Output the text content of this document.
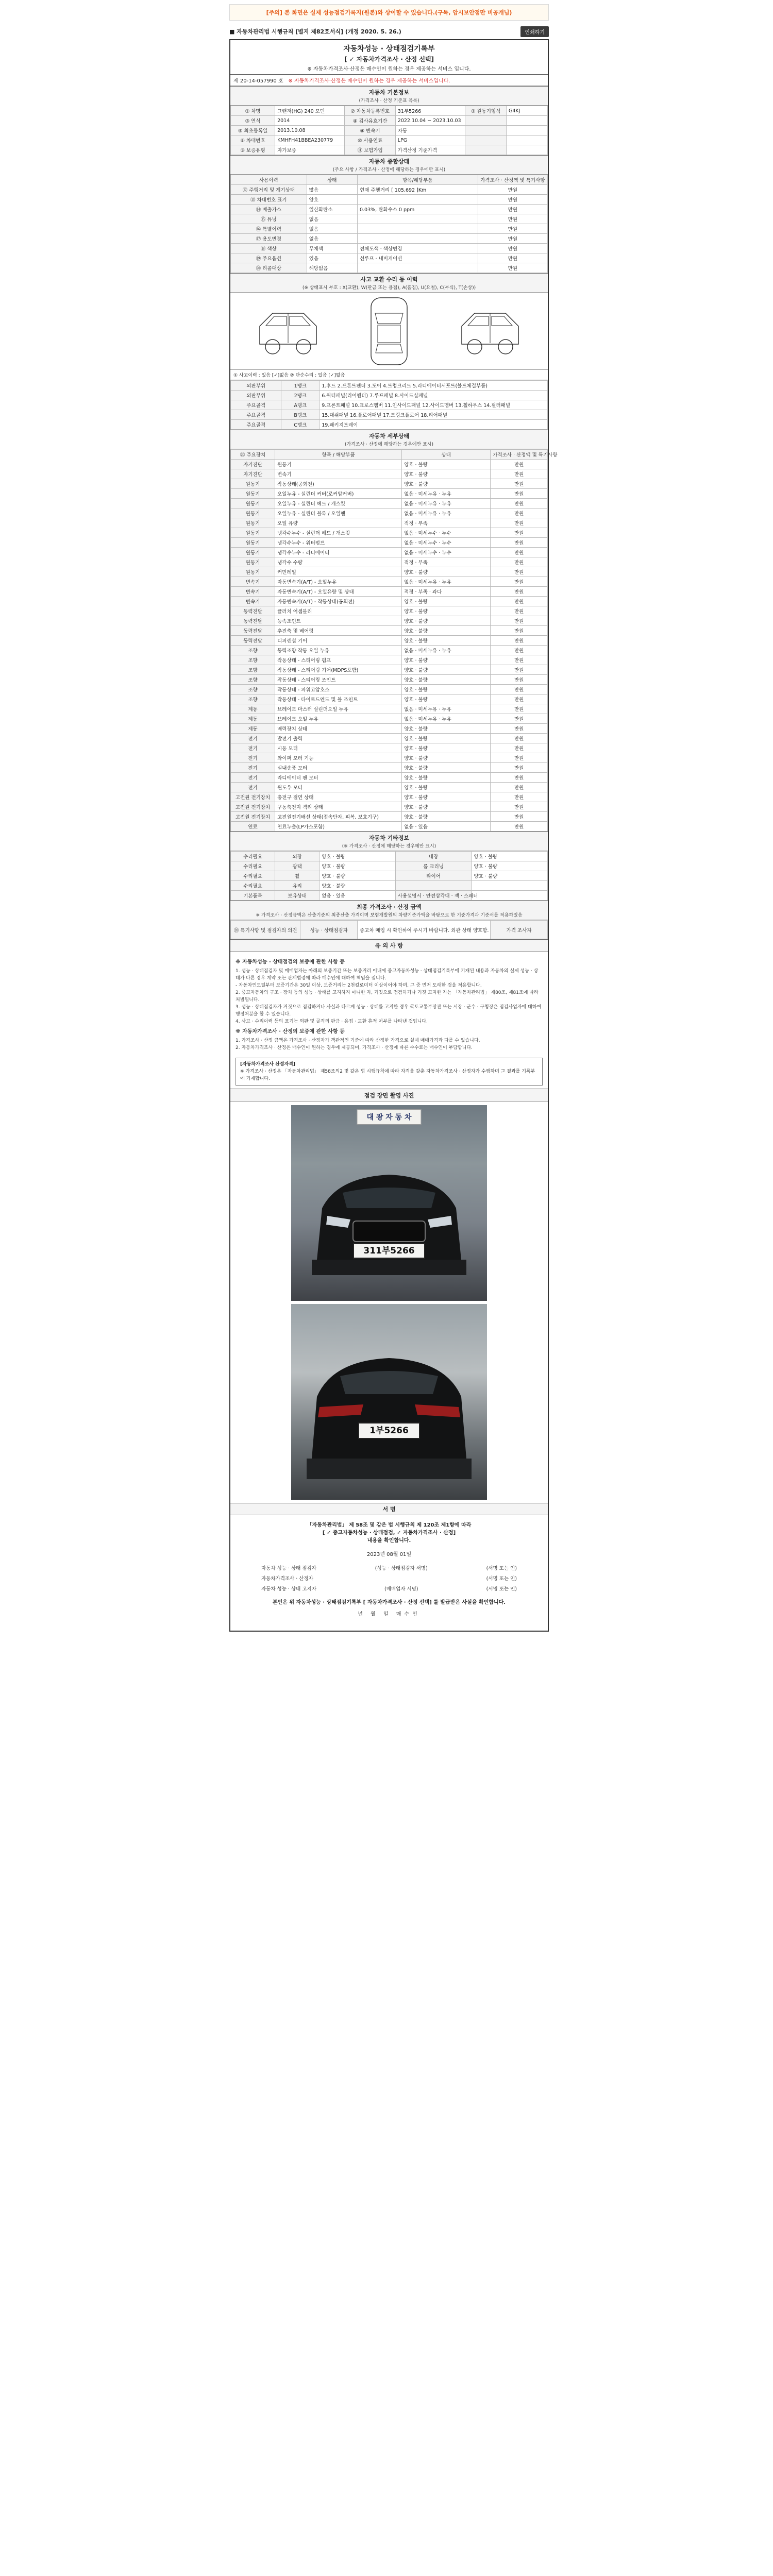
[주의] 본 화면은 실제 성능점검기록지(원본)와 상이할 수 있습니다.(구독, 암시보안점만 비공개님)
■ 자동차관리법 시행규칙 [별지 제82호서식] (개정 2020. 5. 26.)	인쇄하기
자동차성능 · 상태점검기록부
[ ✓ 자동차가격조사 · 산정 선택]
※ 자동차가격조사·산정은 매수인이 원하는 경우 제공하는 서비스 입니다.
제 20-14-057990 호 ※ 자동차가격조사·산정은 매수인이 원하는 경우 제공하는 서비스입니다.
자동차 기본정보
(가격조사 · 산정 기준표 목록)
① 차명	그랜저(HG) 240 모던	② 자동차등록번호	31부5266	⑦ 원동기형식	G4KJ
③ 연식	2014	④ 검사유효기간	2022.10.04 ~ 2023.10.03		
⑤ 최초등록일	2013.10.08	⑧ 변속기	자동		
⑥ 차대번호	KMHFH41BBEA230779	⑩ 사용연료	LPG		
⑨ 보증유형	자가보증	⑪ 보험가입	가격산정 기준가격		
자동차 종합상태
(주요 사항 / 가격조사 · 산정에 해당하는 경우에만 표시)
사용이력	상태	항목/해당부품	가격조사 · 산정액 및 특기사항
⑫ 주행거리 및 계기상태	많음	현재 주행거리 [ 105,692 ]Km	만원
⑬ 차대번호 표기	양호		만원
⑭ 배출가스	일산화탄소	0.03%, 탄화수소 0 ppm	만원
⑮ 튜닝	없음		만원
⑯ 특별이력	없음		만원
⑰ 용도변경	없음		만원
⑱ 색상	무채색	전체도색 · 색상변경	만원
⑲ 주요옵션	있음	선루프 · 내비게이션	만원
⑳ 리콜대상	해당없음		만원
사고 교환 수리 등 이력
(※ 상태표시 부호 : X(교환), W(판금 또는 용접), A(흠집), U(요철), C(부식), T(손상))
① 사고이력 : 있음 [✓]없음 ② 단순수리 : 있음 [✓]없음
외판부위	1랭크	1.후드 2.프론트펜더 3.도어 4.트렁크리드 5.라디에이터서포트(볼트체결부품)
외판부위	2랭크	6.쿼터패널(리어펜더) 7.루프패널 8.사이드실패널
주요골격	A랭크	9.프론트패널 10.크로스멤버 11.인사이드패널 12.사이드멤버 13.휠하우스 14.필러패널
주요골격	B랭크	15.대쉬패널 16.플로어패널 17.트렁크플로어 18.리어패널
주요골격	C랭크	19.패키지트레이
자동차 세부상태
(가격조사 · 산정에 해당하는 경우에만 표시)
⑳ 주요장치	항목 / 해당부품	상태	가격조사 · 산정액 및 특기사항
자기진단	원동기	양호 · 불량	만원
자기진단	변속기	양호 · 불량	만원
원동기	작동상태(공회전)	양호 · 불량	만원
원동기	오일누유 - 실린더 커버(로커암커버)	없음 · 미세누유 · 누유	만원
원동기	오일누유 - 실린더 헤드 / 개스킷	없음 · 미세누유 · 누유	만원
원동기	오일누유 - 실린더 블록 / 오일팬	없음 · 미세누유 · 누유	만원
원동기	오일 유량	적정 · 부족	만원
원동기	냉각수누수 - 실린더 헤드 / 개스킷	없음 · 미세누수 · 누수	만원
원동기	냉각수누수 - 워터펌프	없음 · 미세누수 · 누수	만원
원동기	냉각수누수 - 라디에이터	없음 · 미세누수 · 누수	만원
원동기	냉각수 수량	적정 · 부족	만원
원동기	커먼레일	양호 · 불량	만원
변속기	자동변속기(A/T) - 오일누유	없음 · 미세누유 · 누유	만원
변속기	자동변속기(A/T) - 오일유량 및 상태	적정 · 부족 · 과다	만원
변속기	자동변속기(A/T) - 작동상태(공회전)	양호 · 불량	만원
동력전달	클러치 어셈블리	양호 · 불량	만원
동력전달	등속조인트	양호 · 불량	만원
동력전달	추진축 및 베어링	양호 · 불량	만원
동력전달	디퍼렌셜 기어	양호 · 불량	만원
조향	동력조향 작동 오일 누유	없음 · 미세누유 · 누유	만원
조향	작동상태 - 스티어링 펌프	양호 · 불량	만원
조향	작동상태 - 스티어링 기어(MDPS포함)	양호 · 불량	만원
조향	작동상태 - 스티어링 조인트	양호 · 불량	만원
조향	작동상태 - 파워고압호스	양호 · 불량	만원
조향	작동상태 - 타이로드엔드 및 볼 조인트	양호 · 불량	만원
제동	브레이크 마스터 실린더오일 누유	없음 · 미세누유 · 누유	만원
제동	브레이크 오일 누유	없음 · 미세누유 · 누유	만원
제동	배력장치 상태	양호 · 불량	만원
전기	발전기 출력	양호 · 불량	만원
전기	시동 모터	양호 · 불량	만원
전기	와이퍼 모터 기능	양호 · 불량	만원
전기	실내송풍 모터	양호 · 불량	만원
전기	라디에이터 팬 모터	양호 · 불량	만원
전기	윈도우 모터	양호 · 불량	만원
고전원 전기장치	충전구 절연 상태	양호 · 불량	만원
고전원 전기장치	구동축전지 격리 상태	양호 · 불량	만원
고전원 전기장치	고전원전기배선 상태(접속단자, 피복, 보호기구)	양호 · 불량	만원
연료	연료누출(LP가스포함)	없음 · 있음	만원
자동차 기타정보
(※ 가격조사 · 산정에 해당하는 경우에만 표시)
수리필요	외장	양호 · 불량	내장	양호 · 불량
수리필요	광택	양호 · 불량	룸 크리닝	양호 · 불량
수리필요	휠	양호 · 불량	타이어	양호 · 불량
수리필요	유리	양호 · 불량		
기본품목	보유상태	없음 · 있음	사용설명서 · 안전삼각대 · 잭 · 스패너	
최종 가격조사 · 산정 금액
※ 가격조사 · 산정금액은 산출기준의 최종산출 가격이며 보험개발원의 차량기준가액을 바탕으로 한 기준가격과 기준서를 적용하였음
⑳ 특기사항 및 점검자의 의견	성능 · 상태점검자	중고차 매입 시 확인하여 주시기 바랍니다. 외관 상태 양호함.	가격 조사자
유 의 사 항
※ 자동차성능 · 상태점검의 보증에 관한 사항 등
1. 성능 · 상태점검자 및 매매업자는 아래의 보증기간 또는 보증거리 이내에 중고자동차성능 · 상태점검기록부에 기재된 내용과 자동차의 실제 성능 · 상태가 다른 경우 계약 또는 관계법령에 따라 매수인에 대하여 책임을 집니다.
- 자동차인도일부터 보증기간은 30일 이상, 보증거리는 2천킬로미터 이상이어야 하며, 그 중 먼저 도래한 것을 적용합니다.
2. 중고자동차의 구조 · 장치 등의 성능 · 상태를 고지하지 아니한 자, 거짓으로 점검하거나 거짓 고지한 자는 「자동차관리법」 제80조, 제81조에 따라 처벌됩니다.
3. 성능 · 상태점검자가 거짓으로 점검하거나 사실과 다르게 성능 · 상태를 고지한 경우 국토교통부장관 또는 시장 · 군수 · 구청장은 점검사업자에 대하여 행정처분을 할 수 있습니다.
4. 사고 · 수리이력 등의 표기는 외판 및 골격의 판금 · 용접 · 교환 흔적 여부를 나타낸 것입니다.
※ 자동차가격조사 · 산정의 보증에 관한 사항 등
1. 가격조사 · 산정 금액은 가격조사 · 산정자가 객관적인 기준에 따라 산정한 가격으로 실제 매매가격과 다를 수 있습니다.
2. 자동차가격조사 · 산정은 매수인이 원하는 경우에 제공되며, 가격조사 · 산정에 따른 수수료는 매수인이 부담합니다.
[자동차가격조사 산정자격]
※ 가격조사 · 산정은 「자동차관리법」 제58조의2 및 같은 법 시행규칙에 따라 자격을 갖춘 자동차가격조사 · 산정자가 수행하며 그 결과를 기록부에 기재합니다.
점검 장면 촬영 사진
대 광 자 동 차
311부5266
1부5266
서 명
「자동차관리법」 제 58조 및 같은 법 시행규칙 제 120조 제1항에 따라
[ ✓ 중고자동차성능 · 상태점검, ✓ 자동차가격조사 · 산정]
내용을 확인합니다.
2023년 08월 01일
자동차 성능 · 상태 점검자	(성능 · 상태점검자 서명)	(서명 또는 인)
자동차가격조사 · 산정자	(서명 또는 인)
자동차 성능 · 상태 고지자	(매매업자 서명)	(서명 또는 인)
본인은 위 자동차성능 · 상태점검기록부 [ 자동차가격조사 · 산정 선택] 를 발급받은 사실을 확인합니다.
년 월 일 매수인
